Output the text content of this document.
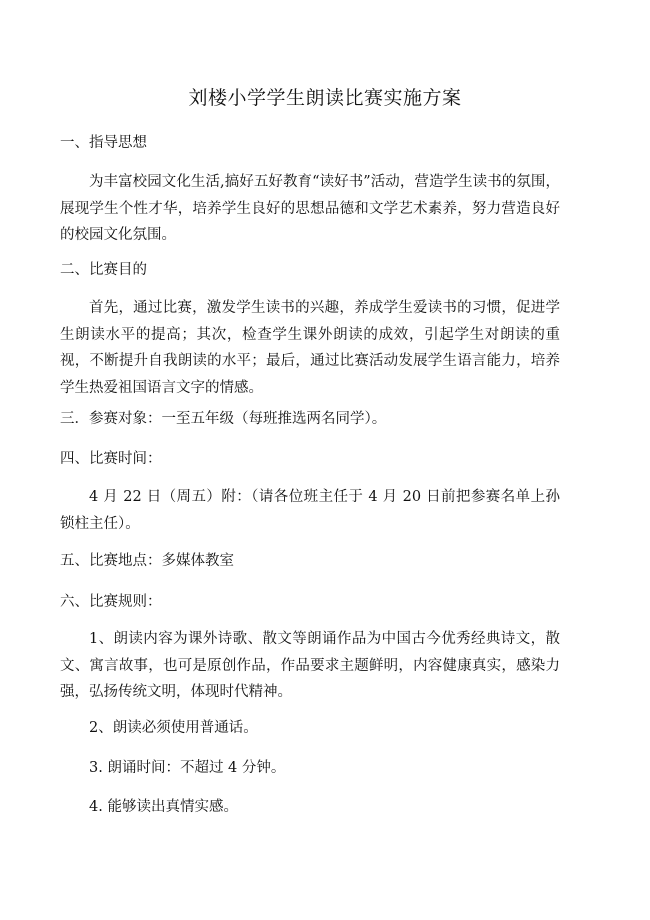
刘楼小学学生朗读比赛实施方案
一、指导思想
为丰富校园文化生活,搞好五好教育“读好书”活动，营造学生读书的氛围，展现学生个性才华，培养学生良好的思想品德和文学艺术素养，努力营造良好的校园文化氛围。
二、比赛目的
首先，通过比赛，激发学生读书的兴趣，养成学生爱读书的习惯，促进学生朗读水平的提高；其次，检查学生课外朗读的成效，引起学生对朗读的重视，不断提升自我朗读的水平；最后，通过比赛活动发展学生语言能力，培养学生热爱祖国语言文字的情感。
三．参赛对象：一至五年级（每班推选两名同学）。
四、比赛时间：
4 月 22 日（周五）附：（请各位班主任于 4 月 20 日前把参赛名单上孙锁柱主任）。
五、比赛地点：多媒体教室
六、比赛规则：
1、朗读内容为课外诗歌、散文等朗诵作品为中国古今优秀经典诗文，散文、寓言故事，也可是原创作品，作品要求主题鲜明，内容健康真实，感染力强，弘扬传统文明，体现时代精神。
2、朗读必须使用普通话。
3. 朗诵时间：不超过 4 分钟。
4. 能够读出真情实感。
